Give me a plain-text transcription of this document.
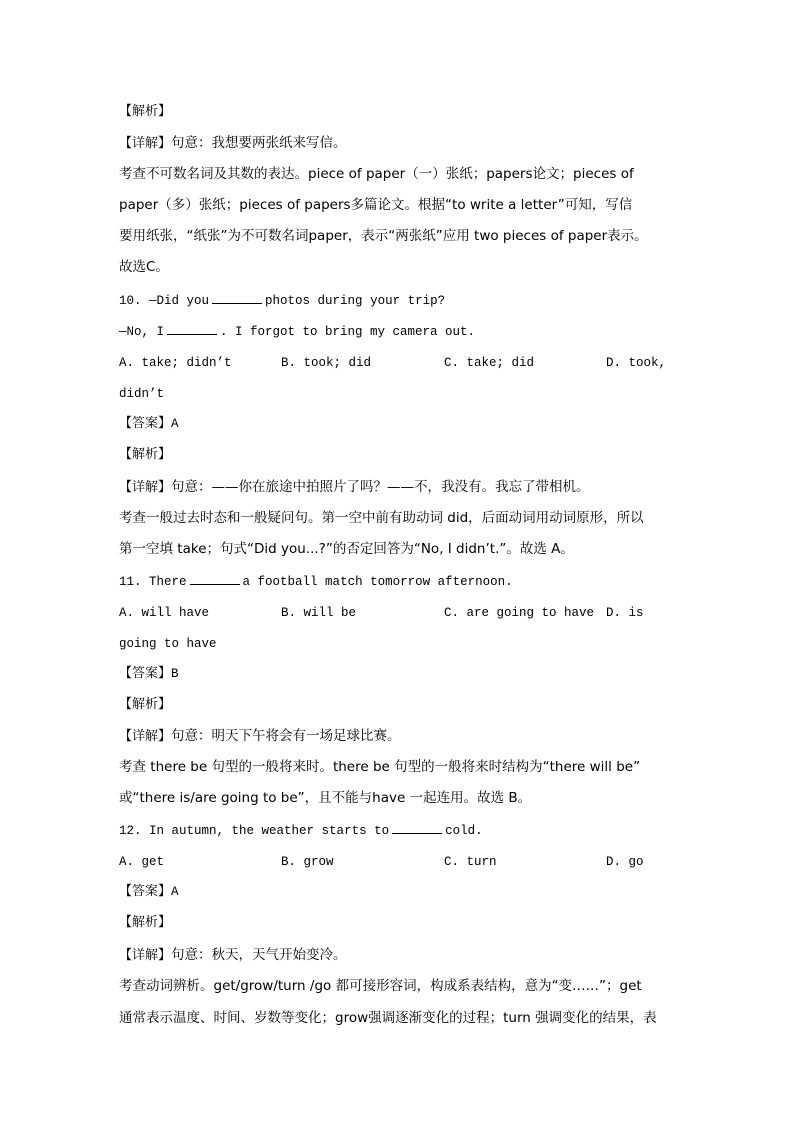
【解析】
【详解】句意：我想要两张纸来写信。
考查不可数名词及其数的表达。piece of paper（一）张纸；papers论文；pieces of
paper（多）张纸；pieces of papers多篇论文。根据“to write a letter”可知，写信
要用纸张，“纸张”为不可数名词paper，表示“两张纸”应用 two pieces of paper表示。
故选C。
10. —Did you	photos during your trip?
—No, I	. I forgot to bring my camera out.
A. take; didn’t	B. took; did	C. take; did	D. took,
didn’t
【答案】A
【解析】
【详解】句意：——你在旅途中拍照片了吗？——不，我没有。我忘了带相机。
考查一般过去时态和一般疑问句。第一空中前有助动词 did，后面动词用动词原形，所以
第一空填 take；句式“Did you...?”的否定回答为“No, I didn’t.”。故选 A。
11. There	a football match tomorrow afternoon.
A. will have	B. will be	C. are going to have D. is
going to have
【答案】B
【解析】
【详解】句意：明天下午将会有一场足球比赛。
考查 there be 句型的一般将来时。there be 句型的一般将来时结构为“there will be”
或“there is/are going to be”，且不能与have 一起连用。故选 B。
12. In autumn, the weather starts to	cold.
A. get	B. grow	C. turn	D. go
【答案】A
【解析】
【详解】句意：秋天，天气开始变冷。
考查动词辨析。get/grow/turn /go 都可接形容词，构成系表结构，意为“变……”；get
通常表示温度、时间、岁数等变化；grow强调逐渐变化的过程；turn 强调变化的结果，表
